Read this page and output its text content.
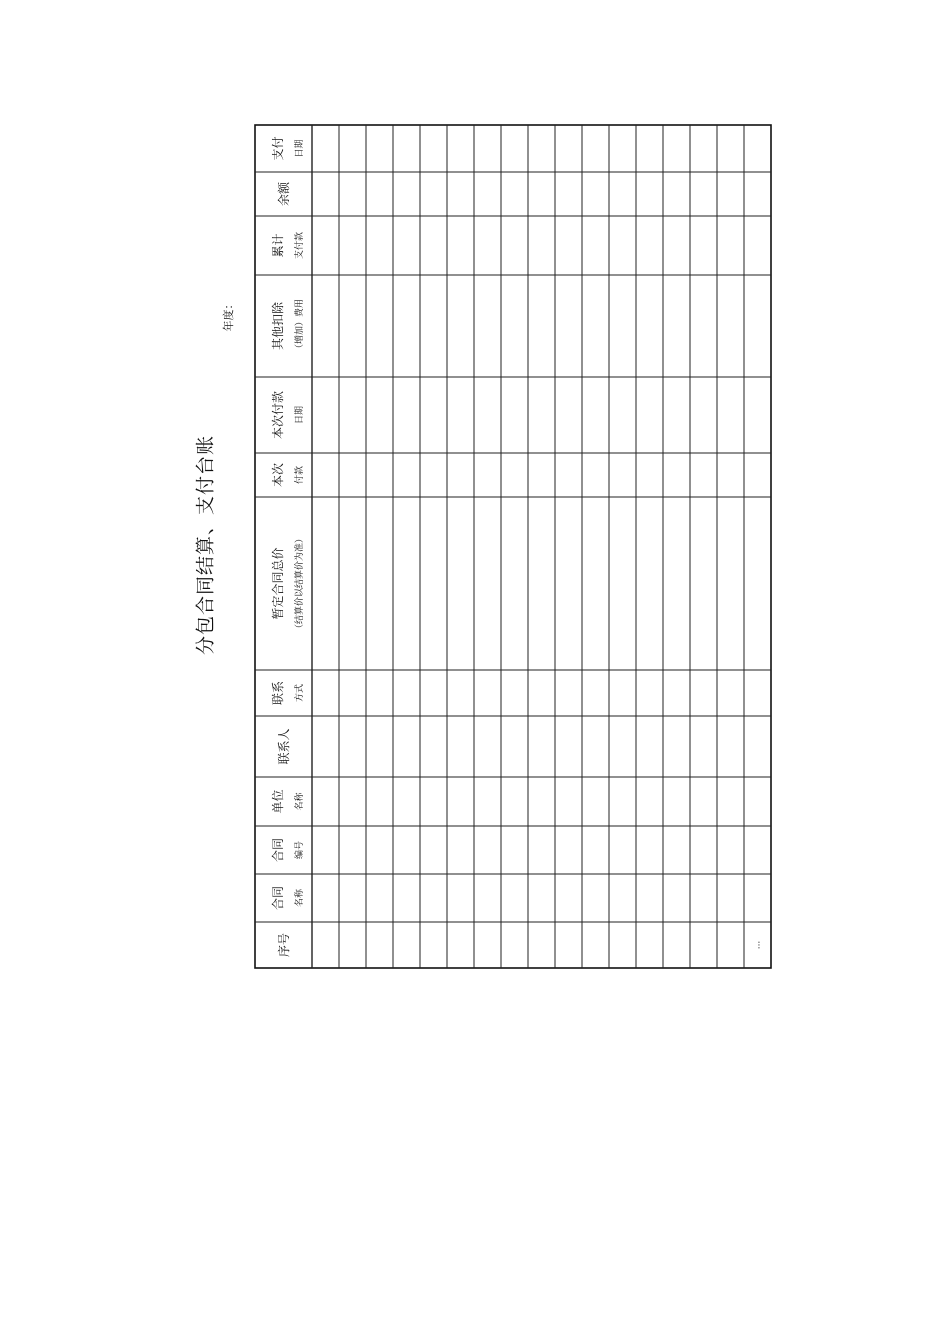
分包合同结算、支付台账
年度：
支付 日期
余额
累计 支付款
其他扣除 （增加）费用
本次付款 日期
本次 付款
暂定合同总价 （结算价以结算价为准）
联系 方式
联系人
单位 名称
合同 编号
合同 名称
序号	...
